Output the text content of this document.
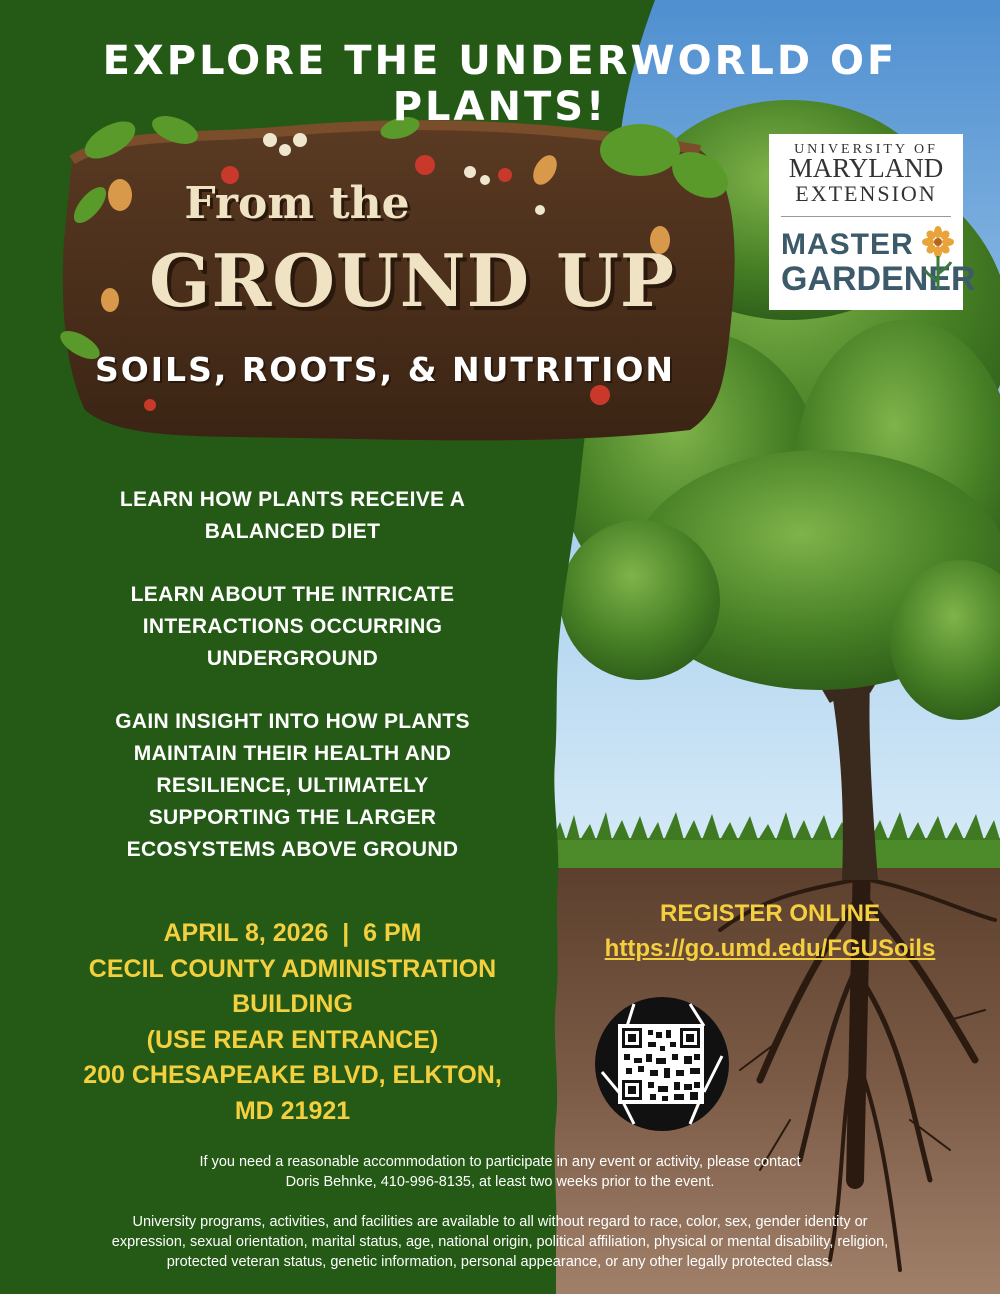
EXPLORE THE UNDERWORLD OF PLANTS!
From the
GROUND UP
SOILS, ROOTS, & NUTRITION
UNIVERSITY OF
MARYLAND
EXTENSION
MASTER
GARDENER
LEARN HOW PLANTS RECEIVE A
BALANCED DIET
LEARN ABOUT THE INTRICATE
INTERACTIONS OCCURRING
UNDERGROUND
GAIN INSIGHT INTO HOW PLANTS
MAINTAIN THEIR HEALTH AND
RESILIENCE, ULTIMATELY
SUPPORTING THE LARGER
ECOSYSTEMS ABOVE GROUND
APRIL 8, 2026  |  6 PM
CECIL COUNTY ADMINISTRATION
BUILDING
(USE REAR ENTRANCE)
200 CHESAPEAKE BLVD, ELKTON,
MD 21921
REGISTER ONLINE
https://go.umd.edu/FGUSoils
If you need a reasonable accommodation to participate in any event or activity, please contact
Doris Behnke, 410-996-8135, at least two weeks prior to the event.
University programs, activities, and facilities are available to all without regard to race, color, sex, gender identity or
expression, sexual orientation, marital status, age, national origin, political affiliation, physical or mental disability, religion,
protected veteran status, genetic information, personal appearance, or any other legally protected class.
